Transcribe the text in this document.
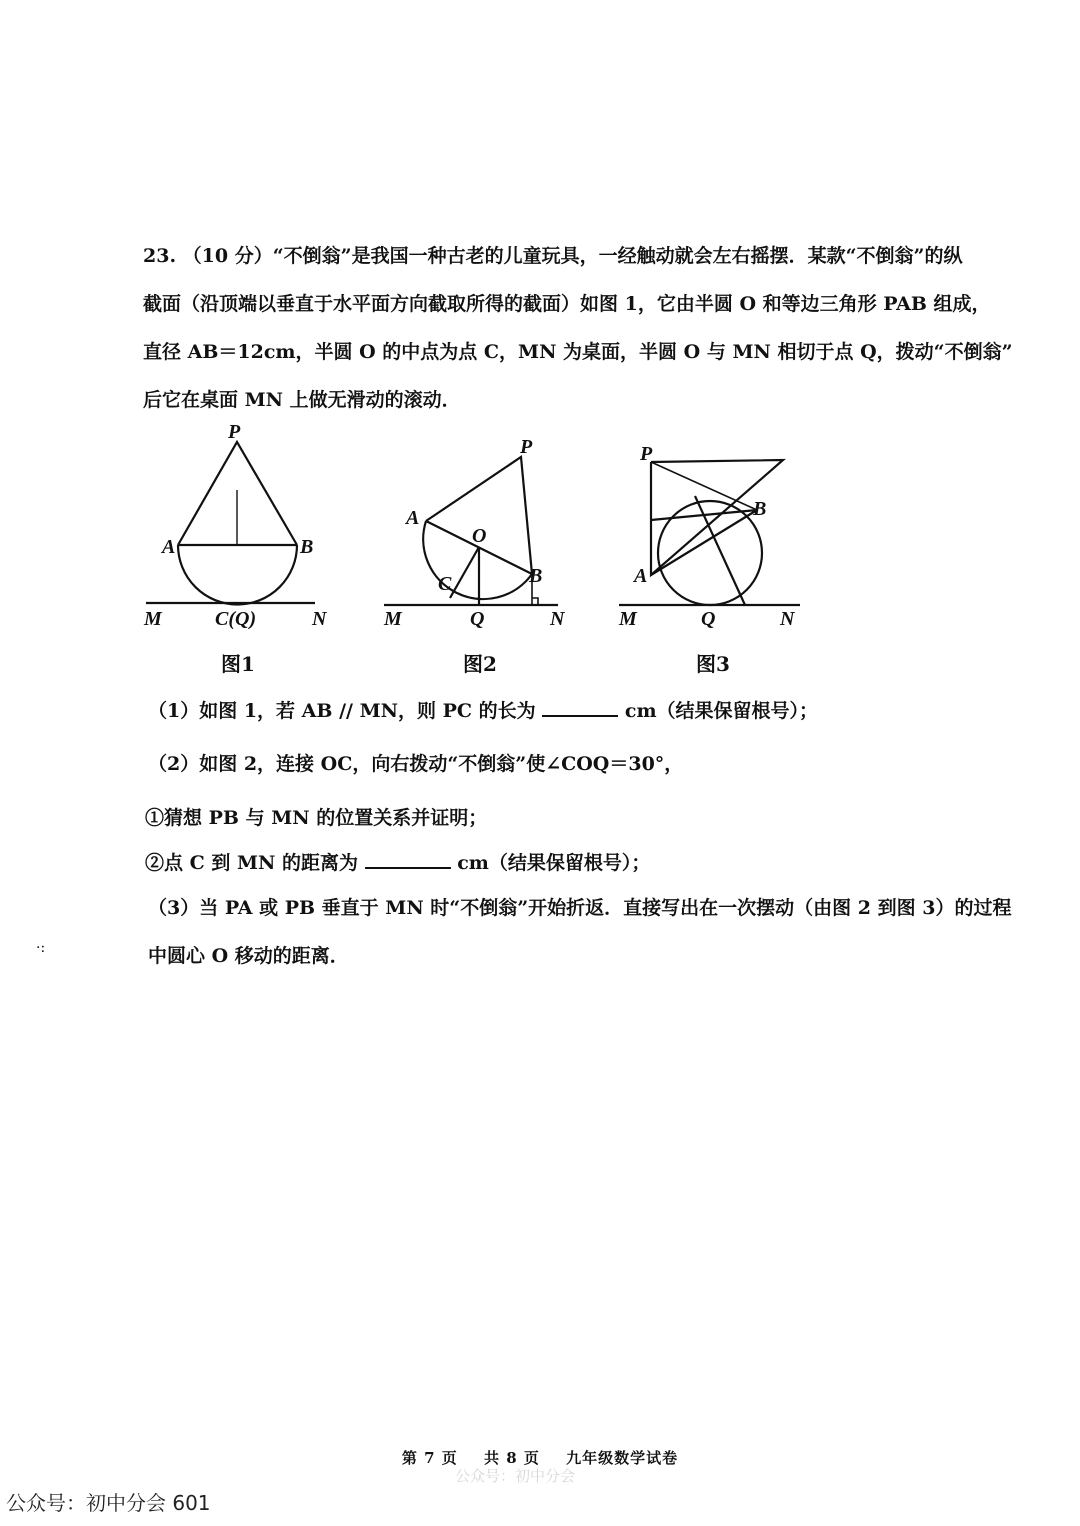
23. （10 分）“不倒翁”是我国一种古老的儿童玩具，一经触动就会左右摇摆．某款“不倒翁”的纵

截面（沿顶端以垂直于水平面方向截取所得的截面）如图 1，它由半圆 O 和等边三角形 PAB 组成，

直径 AB＝12cm，半圆 O 的中点为点 C，MN 为桌面，半圆 O 与 MN 相切于点 Q，拨动“不倒翁”

后它在桌面 MN 上做无滑动的滚动．

P
A	B
M	C(Q)	N
图1
P
A
O
C	B
M	Q	N
图2
P
B
A
M	Q	N
图3
（1）如图 1，若 AB // MN，则 PC 的长为	cm（结果保留根号）；
（2）如图 2，连接 OC，向右拨动“不倒翁”使∠COQ＝30°，
①猜想 PB 与 MN 的位置关系并证明；
②点 C 到 MN 的距离为	cm（结果保留根号）；
（3）当 PA 或 PB 垂直于 MN 时“不倒翁”开始折返．直接写出在一次摆动（由图 2 到图 3）的过程
中圆心 O 移动的距离．
·:
第 7 页 共 8 页 九年级数学试卷
公众号：初中分会
公众号：初中分会 601
